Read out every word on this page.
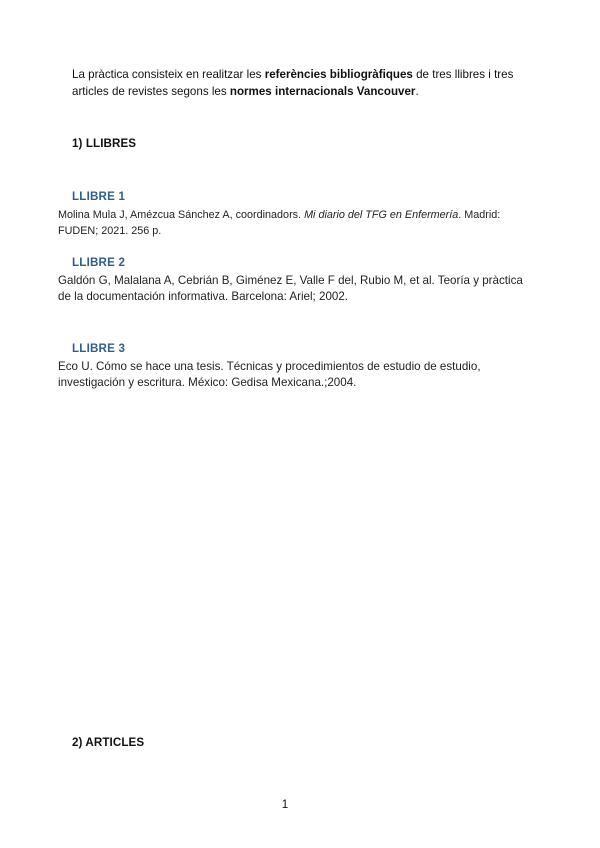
La pràctica consisteix en realitzar les referències bibliogràfiques de tres llibres i tres articles de revistes segons les normes internacionals Vancouver.

1) LLIBRES
LLIBRE 1

Molina Mula J, Amézcua Sánchez A, coordinadors. Mi diario del TFG en Enfermería. Madrid: FUDEN; 2021. 256 p.

LLIBRE 2

Galdón G, Malalana A, Cebrián B, Giménez E, Valle F del, Rubio M, et al. Teoría y pràctica de la documentación informativa. Barcelona: Ariel; 2002.

LLIBRE 3

Eco U. Cómo se hace una tesis. Técnicas y procedimientos de estudio de estudio, investigación y escritura. México: Gedisa Mexicana.;2004.

2) ARTICLES
1
